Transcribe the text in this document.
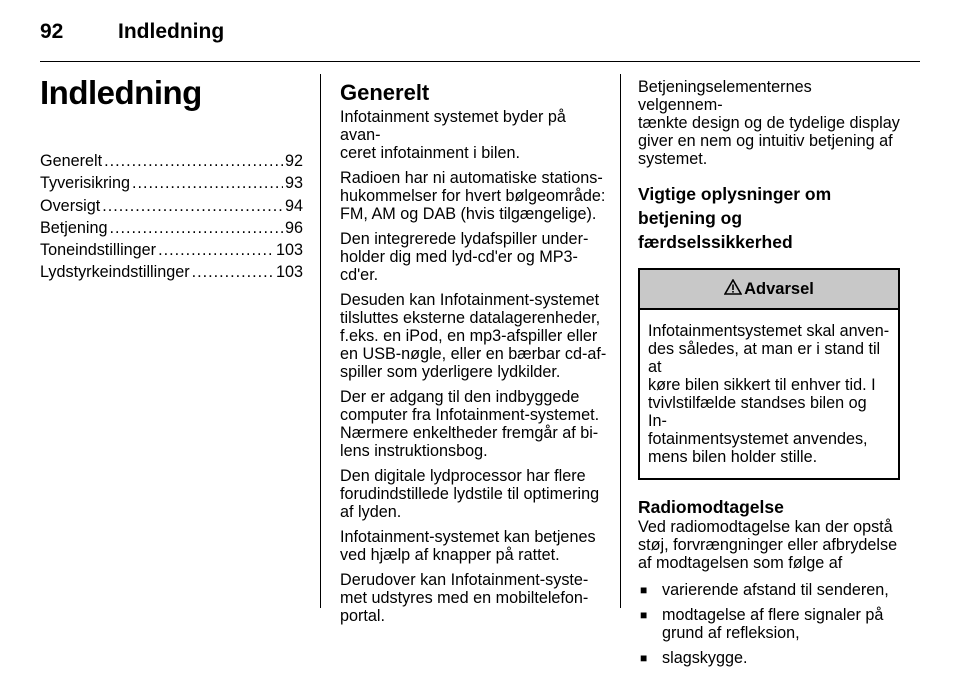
92	Indledning
Indledning
Generelt .....	92
Tyverisikring .....	93
Oversigt .....	94
Betjening .....	96
Toneindstillinger .....	103
Lydstyrkeindstillinger .....	103
Generelt

Infotainment systemet byder på avan-
ceret infotainment i bilen.

Radioen har ni automatiske stations-
hukommelser for hvert bølgeområde:
FM, AM og DAB (hvis tilgængelige).

Den integrerede lydafspiller under-
holder dig med lyd-cd'er og MP3-
cd'er.

Desuden kan Infotainment-systemet
tilsluttes eksterne datalagerenheder,
f.eks. en iPod, en mp3-afspiller eller
en USB-nøgle, eller en bærbar cd-af-
spiller som yderligere lydkilder.

Der er adgang til den indbyggede
computer fra Infotainment-systemet.
Nærmere enkeltheder fremgår af bi-
lens instruktionsbog.

Den digitale lydprocessor har flere
forudindstillede lydstile til optimering
af lyden.

Infotainment-systemet kan betjenes
ved hjælp af knapper på rattet.

Derudover kan Infotainment-syste-
met udstyres med en mobiltelefon-
portal.

Betjeningselementernes velgennem-
tænkte design og de tydelige display
giver en nem og intuitiv betjening af
systemet.

Vigtige oplysninger om
betjening og færdselssikkerhed
Advarsel
Infotainmentsystemet skal anven-
des således, at man er i stand til at
køre bilen sikkert til enhver tid. I
tvivlstilfælde standses bilen og In-
fotainmentsystemet anvendes,
mens bilen holder stille.
Radiomodtagelse

Ved radiomodtagelse kan der opstå
støj, forvrængninger eller afbrydelse
af modtagelsen som følge af

■ varierende afstand til senderen,
■ modtagelse af flere signaler på
grund af refleksion,
■ slagskygge.
